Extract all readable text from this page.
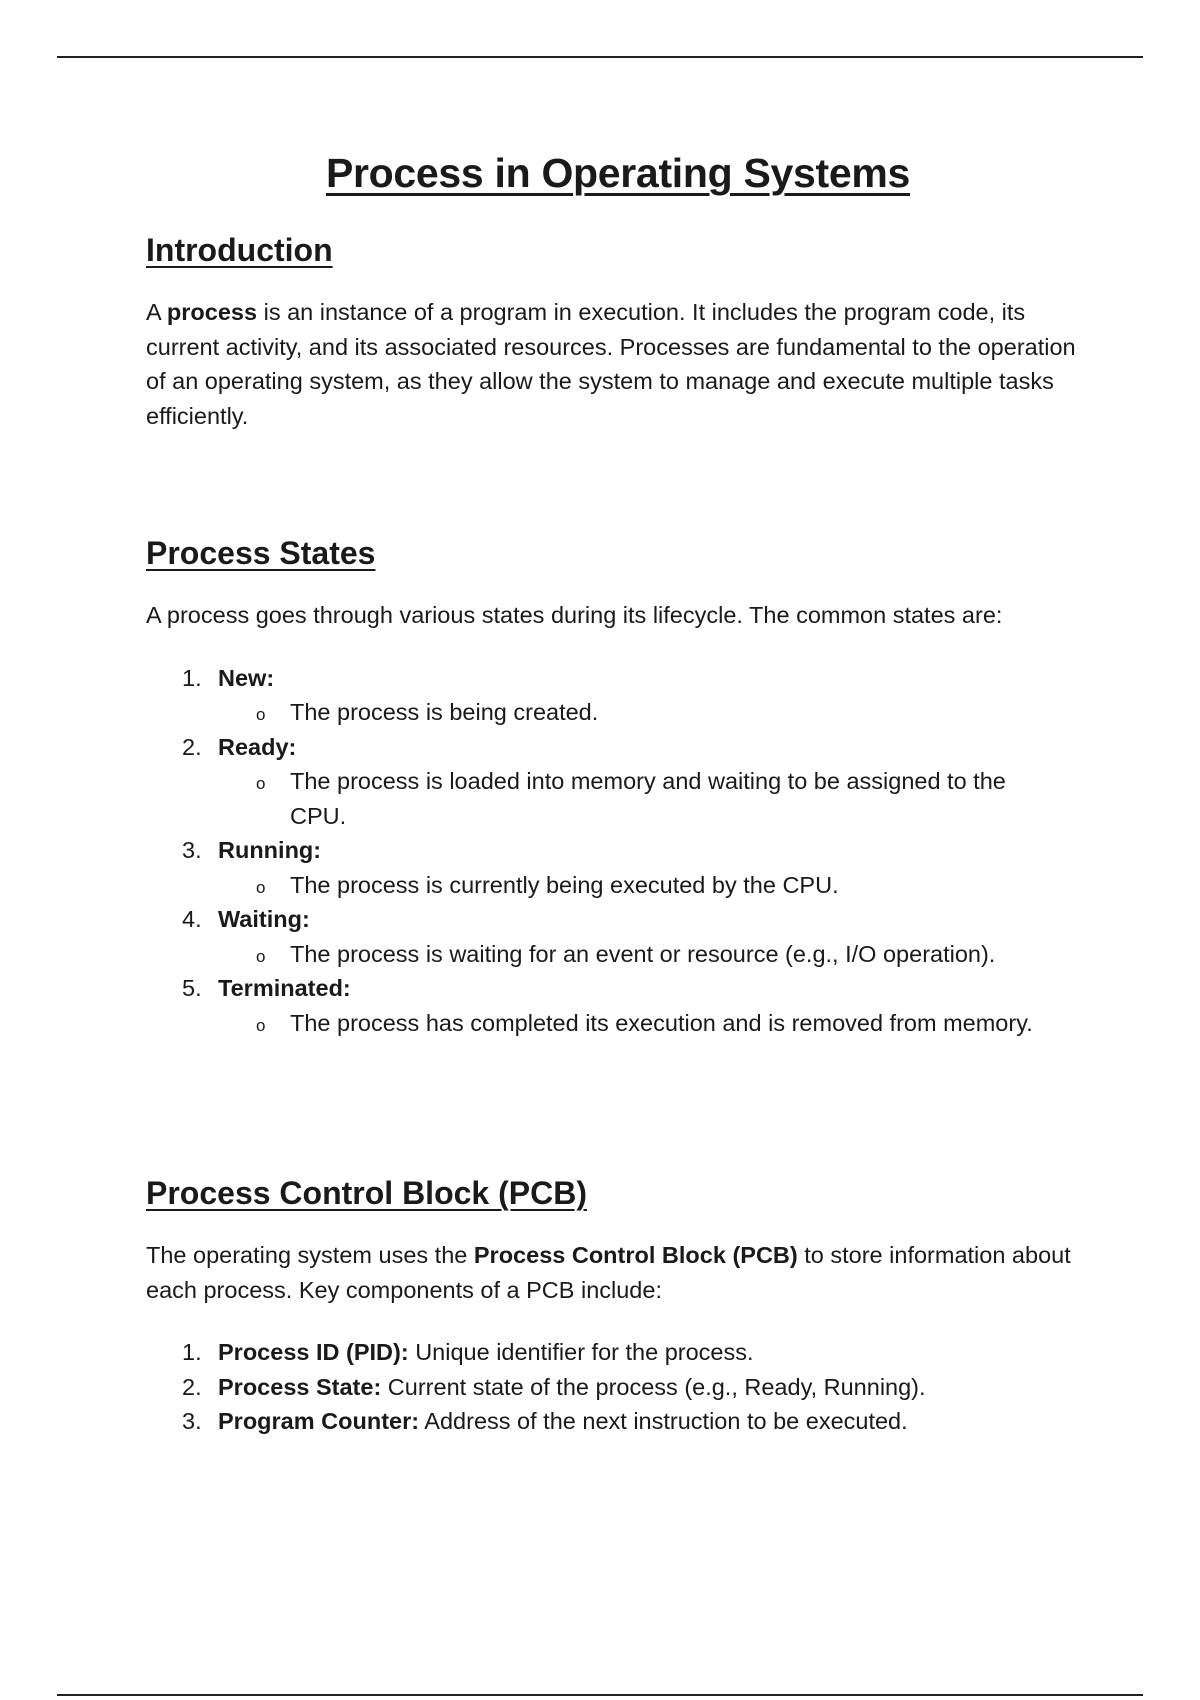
Process in Operating Systems
Introduction

A process is an instance of a program in execution. It includes the program code, its current activity, and its associated resources. Processes are fundamental to the operation of an operating system, as they allow the system to manage and execute multiple tasks efficiently.

Process States

A process goes through various states during its lifecycle. The common states are:

1. New:
o The process is being created.
2. Ready:
o The process is loaded into memory and waiting to be assigned to the CPU.
3. Running:
o The process is currently being executed by the CPU.
4. Waiting:
o The process is waiting for an event or resource (e.g., I/O operation).
5. Terminated:
o The process has completed its execution and is removed from memory.
Process Control Block (PCB)

The operating system uses the Process Control Block (PCB) to store information about each process. Key components of a PCB include:

1. Process ID (PID): Unique identifier for the process.
2. Process State: Current state of the process (e.g., Ready, Running).
3. Program Counter: Address of the next instruction to be executed.
